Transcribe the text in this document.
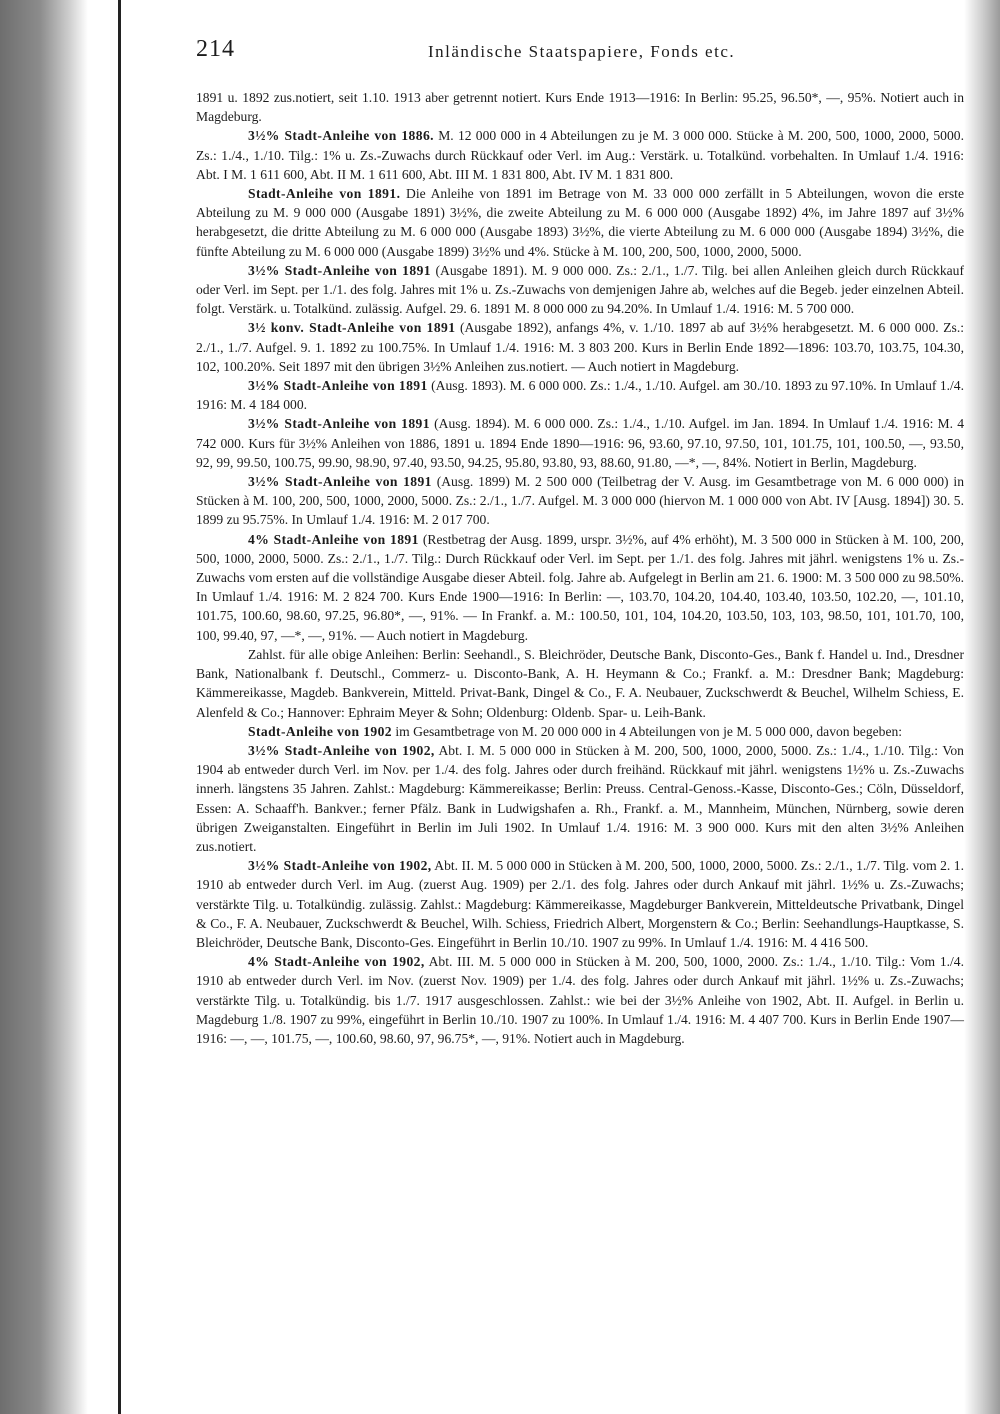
214	Inländische Staatspapiere, Fonds etc.

1891 u. 1892 zus.notiert, seit 1.10. 1913 aber getrennt notiert. Kurs Ende 1913—1916: In Berlin: 95.25, 96.50*, —, 95%. Notiert auch in Magdeburg.

3½% Stadt-Anleihe von 1886. M. 12 000 000 in 4 Abteilungen zu je M. 3 000 000. Stücke à M. 200, 500, 1000, 2000, 5000. Zs.: 1./4., 1./10. Tilg.: 1% u. Zs.-Zuwachs durch Rückkauf oder Verl. im Aug.: Verstärk. u. Totalkünd. vorbehalten. In Umlauf 1./4. 1916: Abt. I M. 1 611 600, Abt. II M. 1 611 600, Abt. III M. 1 831 800, Abt. IV M. 1 831 800.

Stadt-Anleihe von 1891. Die Anleihe von 1891 im Betrage von M. 33 000 000 zerfällt in 5 Abteilungen, wovon die erste Abteilung zu M. 9 000 000 (Ausgabe 1891) 3½%, die zweite Abteilung zu M. 6 000 000 (Ausgabe 1892) 4%, im Jahre 1897 auf 3½% herabgesetzt, die dritte Abteilung zu M. 6 000 000 (Ausgabe 1893) 3½%, die vierte Abteilung zu M. 6 000 000 (Ausgabe 1894) 3½%, die fünfte Abteilung zu M. 6 000 000 (Ausgabe 1899) 3½% und 4%. Stücke à M. 100, 200, 500, 1000, 2000, 5000.

3½% Stadt-Anleihe von 1891 (Ausgabe 1891). M. 9 000 000. Zs.: 2./1., 1./7. Tilg. bei allen Anleihen gleich durch Rückkauf oder Verl. im Sept. per 1./1. des folg. Jahres mit 1% u. Zs.-Zuwachs von demjenigen Jahre ab, welches auf die Begeb. jeder einzelnen Abteil. folgt. Verstärk. u. Totalkünd. zulässig. Aufgel. 29. 6. 1891 M. 8 000 000 zu 94.20%. In Umlauf 1./4. 1916: M. 5 700 000.

3½ konv. Stadt-Anleihe von 1891 (Ausgabe 1892), anfangs 4%, v. 1./10. 1897 ab auf 3½% herabgesetzt. M. 6 000 000. Zs.: 2./1., 1./7. Aufgel. 9. 1. 1892 zu 100.75%. In Umlauf 1./4. 1916: M. 3 803 200. Kurs in Berlin Ende 1892—1896: 103.70, 103.75, 104.30, 102, 100.20%. Seit 1897 mit den übrigen 3½% Anleihen zus.notiert. — Auch notiert in Magdeburg.

3½% Stadt-Anleihe von 1891 (Ausg. 1893). M. 6 000 000. Zs.: 1./4., 1./10. Aufgel. am 30./10. 1893 zu 97.10%. In Umlauf 1./4. 1916: M. 4 184 000.

3½% Stadt-Anleihe von 1891 (Ausg. 1894). M. 6 000 000. Zs.: 1./4., 1./10. Aufgel. im Jan. 1894. In Umlauf 1./4. 1916: M. 4 742 000. Kurs für 3½% Anleihen von 1886, 1891 u. 1894 Ende 1890—1916: 96, 93.60, 97.10, 97.50, 101, 101.75, 101, 100.50, —, 93.50, 92, 99, 99.50, 100.75, 99.90, 98.90, 97.40, 93.50, 94.25, 95.80, 93.80, 93, 88.60, 91.80, —*, —, 84%. Notiert in Berlin, Magdeburg.

3½% Stadt-Anleihe von 1891 (Ausg. 1899) M. 2 500 000 (Teilbetrag der V. Ausg. im Gesamtbetrage von M. 6 000 000) in Stücken à M. 100, 200, 500, 1000, 2000, 5000. Zs.: 2./1., 1./7. Aufgel. M. 3 000 000 (hiervon M. 1 000 000 von Abt. IV [Ausg. 1894]) 30. 5. 1899 zu 95.75%. In Umlauf 1./4. 1916: M. 2 017 700.

4% Stadt-Anleihe von 1891 (Restbetrag der Ausg. 1899, urspr. 3½%, auf 4% erhöht), M. 3 500 000 in Stücken à M. 100, 200, 500, 1000, 2000, 5000. Zs.: 2./1., 1./7. Tilg.: Durch Rückkauf oder Verl. im Sept. per 1./1. des folg. Jahres mit jährl. wenigstens 1% u. Zs.-Zuwachs vom ersten auf die vollständige Ausgabe dieser Abteil. folg. Jahre ab. Aufgelegt in Berlin am 21. 6. 1900: M. 3 500 000 zu 98.50%. In Umlauf 1./4. 1916: M. 2 824 700. Kurs Ende 1900—1916: In Berlin: —, 103.70, 104.20, 104.40, 103.40, 103.50, 102.20, —, 101.10, 101.75, 100.60, 98.60, 97.25, 96.80*, —, 91%. — In Frankf. a. M.: 100.50, 101, 104, 104.20, 103.50, 103, 103, 98.50, 101, 101.70, 100, 100, 99.40, 97, —*, —, 91%. — Auch notiert in Magdeburg.

Zahlst. für alle obige Anleihen: Berlin: Seehandl., S. Bleichröder, Deutsche Bank, Disconto-Ges., Bank f. Handel u. Ind., Dresdner Bank, Nationalbank f. Deutschl., Commerz- u. Disconto-Bank, A. H. Heymann & Co.; Frankf. a. M.: Dresdner Bank; Magdeburg: Kämmereikasse, Magdeb. Bankverein, Mitteld. Privat-Bank, Dingel & Co., F. A. Neubauer, Zuckschwerdt & Beuchel, Wilhelm Schiess, E. Alenfeld & Co.; Hannover: Ephraim Meyer & Sohn; Oldenburg: Oldenb. Spar- u. Leih-Bank.

Stadt-Anleihe von 1902 im Gesamtbetrage von M. 20 000 000 in 4 Abteilungen von je M. 5 000 000, davon begeben:

3½% Stadt-Anleihe von 1902, Abt. I. M. 5 000 000 in Stücken à M. 200, 500, 1000, 2000, 5000. Zs.: 1./4., 1./10. Tilg.: Von 1904 ab entweder durch Verl. im Nov. per 1./4. des folg. Jahres oder durch freihänd. Rückkauf mit jährl. wenigstens 1½% u. Zs.-Zuwachs innerh. längstens 35 Jahren. Zahlst.: Magdeburg: Kämmereikasse; Berlin: Preuss. Central-Genoss.-Kasse, Disconto-Ges.; Cöln, Düsseldorf, Essen: A. Schaaff'h. Bankver.; ferner Pfälz. Bank in Ludwigshafen a. Rh., Frankf. a. M., Mannheim, München, Nürnberg, sowie deren übrigen Zweiganstalten. Eingeführt in Berlin im Juli 1902. In Umlauf 1./4. 1916: M. 3 900 000. Kurs mit den alten 3½% Anleihen zus.notiert.

3½% Stadt-Anleihe von 1902, Abt. II. M. 5 000 000 in Stücken à M. 200, 500, 1000, 2000, 5000. Zs.: 2./1., 1./7. Tilg. vom 2. 1. 1910 ab entweder durch Verl. im Aug. (zuerst Aug. 1909) per 2./1. des folg. Jahres oder durch Ankauf mit jährl. 1½% u. Zs.-Zuwachs; verstärkte Tilg. u. Totalkündig. zulässig. Zahlst.: Magdeburg: Kämmereikasse, Magdeburger Bankverein, Mitteldeutsche Privatbank, Dingel & Co., F. A. Neubauer, Zuckschwerdt & Beuchel, Wilh. Schiess, Friedrich Albert, Morgenstern & Co.; Berlin: Seehandlungs-Hauptkasse, S. Bleichröder, Deutsche Bank, Disconto-Ges. Eingeführt in Berlin 10./10. 1907 zu 99%. In Umlauf 1./4. 1916: M. 4 416 500.

4% Stadt-Anleihe von 1902, Abt. III. M. 5 000 000 in Stücken à M. 200, 500, 1000, 2000. Zs.: 1./4., 1./10. Tilg.: Vom 1./4. 1910 ab entweder durch Verl. im Nov. (zuerst Nov. 1909) per 1./4. des folg. Jahres oder durch Ankauf mit jährl. 1½% u. Zs.-Zuwachs; verstärkte Tilg. u. Totalkündig. bis 1./7. 1917 ausgeschlossen. Zahlst.: wie bei der 3½% Anleihe von 1902, Abt. II. Aufgel. in Berlin u. Magdeburg 1./8. 1907 zu 99%, eingeführt in Berlin 10./10. 1907 zu 100%. In Umlauf 1./4. 1916: M. 4 407 700. Kurs in Berlin Ende 1907—1916: —, —, 101.75, —, 100.60, 98.60, 97, 96.75*, —, 91%. Notiert auch in Magdeburg.
